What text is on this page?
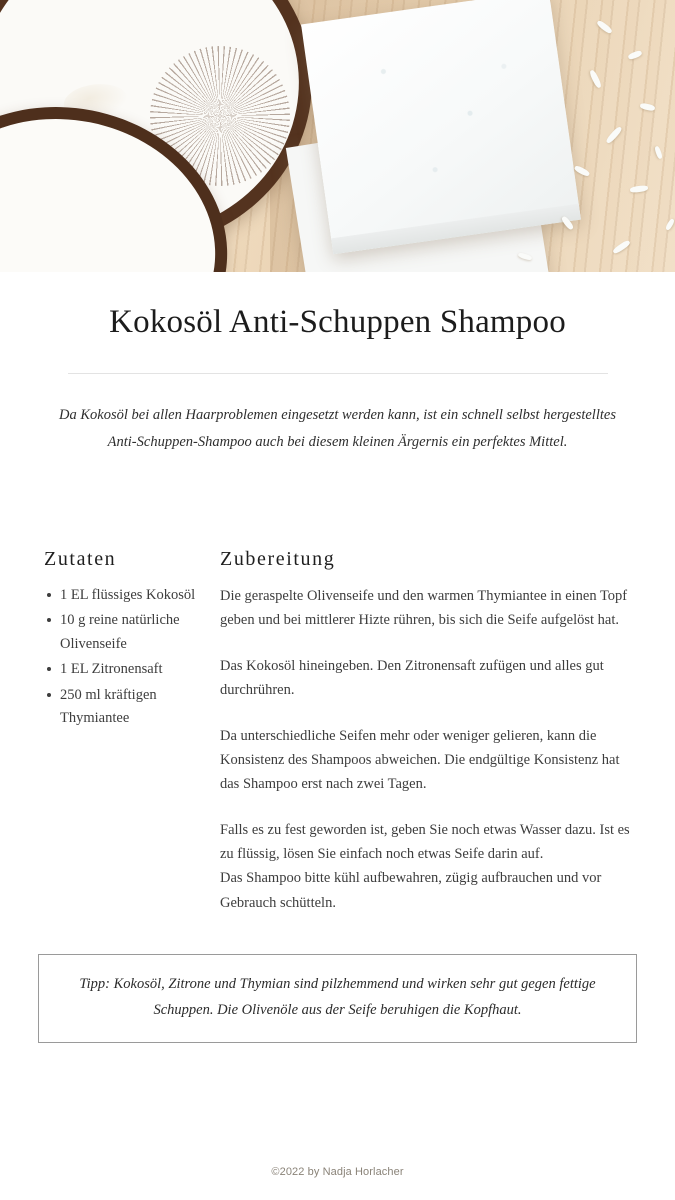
Kokosöl Anti-Schuppen Shampoo

Da Kokosöl bei allen Haarproblemen eingesetzt werden kann, ist ein schnell selbst hergestelltes Anti-Schuppen-Shampoo auch bei diesem kleinen Ärgernis ein perfektes Mittel.

Zutaten
1 EL flüssiges Kokosöl
10 g reine natürliche Olivenseife
1 EL Zitronensaft
250 ml kräftigen Thymiantee
Zubereitung

Die geraspelte Olivenseife und den warmen Thymiantee in einen Topf geben und bei mittlerer Hizte rühren, bis sich die Seife aufgelöst hat.

Das Kokosöl hineingeben. Den Zitronensaft zufügen und alles gut durchrühren.

Da unterschiedliche Seifen mehr oder weniger gelieren, kann die Konsistenz des Shampoos abweichen. Die endgültige Konsistenz hat das Shampoo erst nach zwei Tagen.

Falls es zu fest geworden ist, geben Sie noch etwas Wasser dazu. Ist es zu flüssig, lösen Sie einfach noch etwas Seife darin auf.

Das Shampoo bitte kühl aufbewahren, zügig aufbrauchen und vor Gebrauch schütteln.

Tipp: Kokosöl, Zitrone und Thymian sind pilzhemmend und wirken sehr gut gegen fettige Schuppen. Die Olivenöle aus der Seife beruhigen die Kopfhaut.

©2022 by Nadja Horlacher
